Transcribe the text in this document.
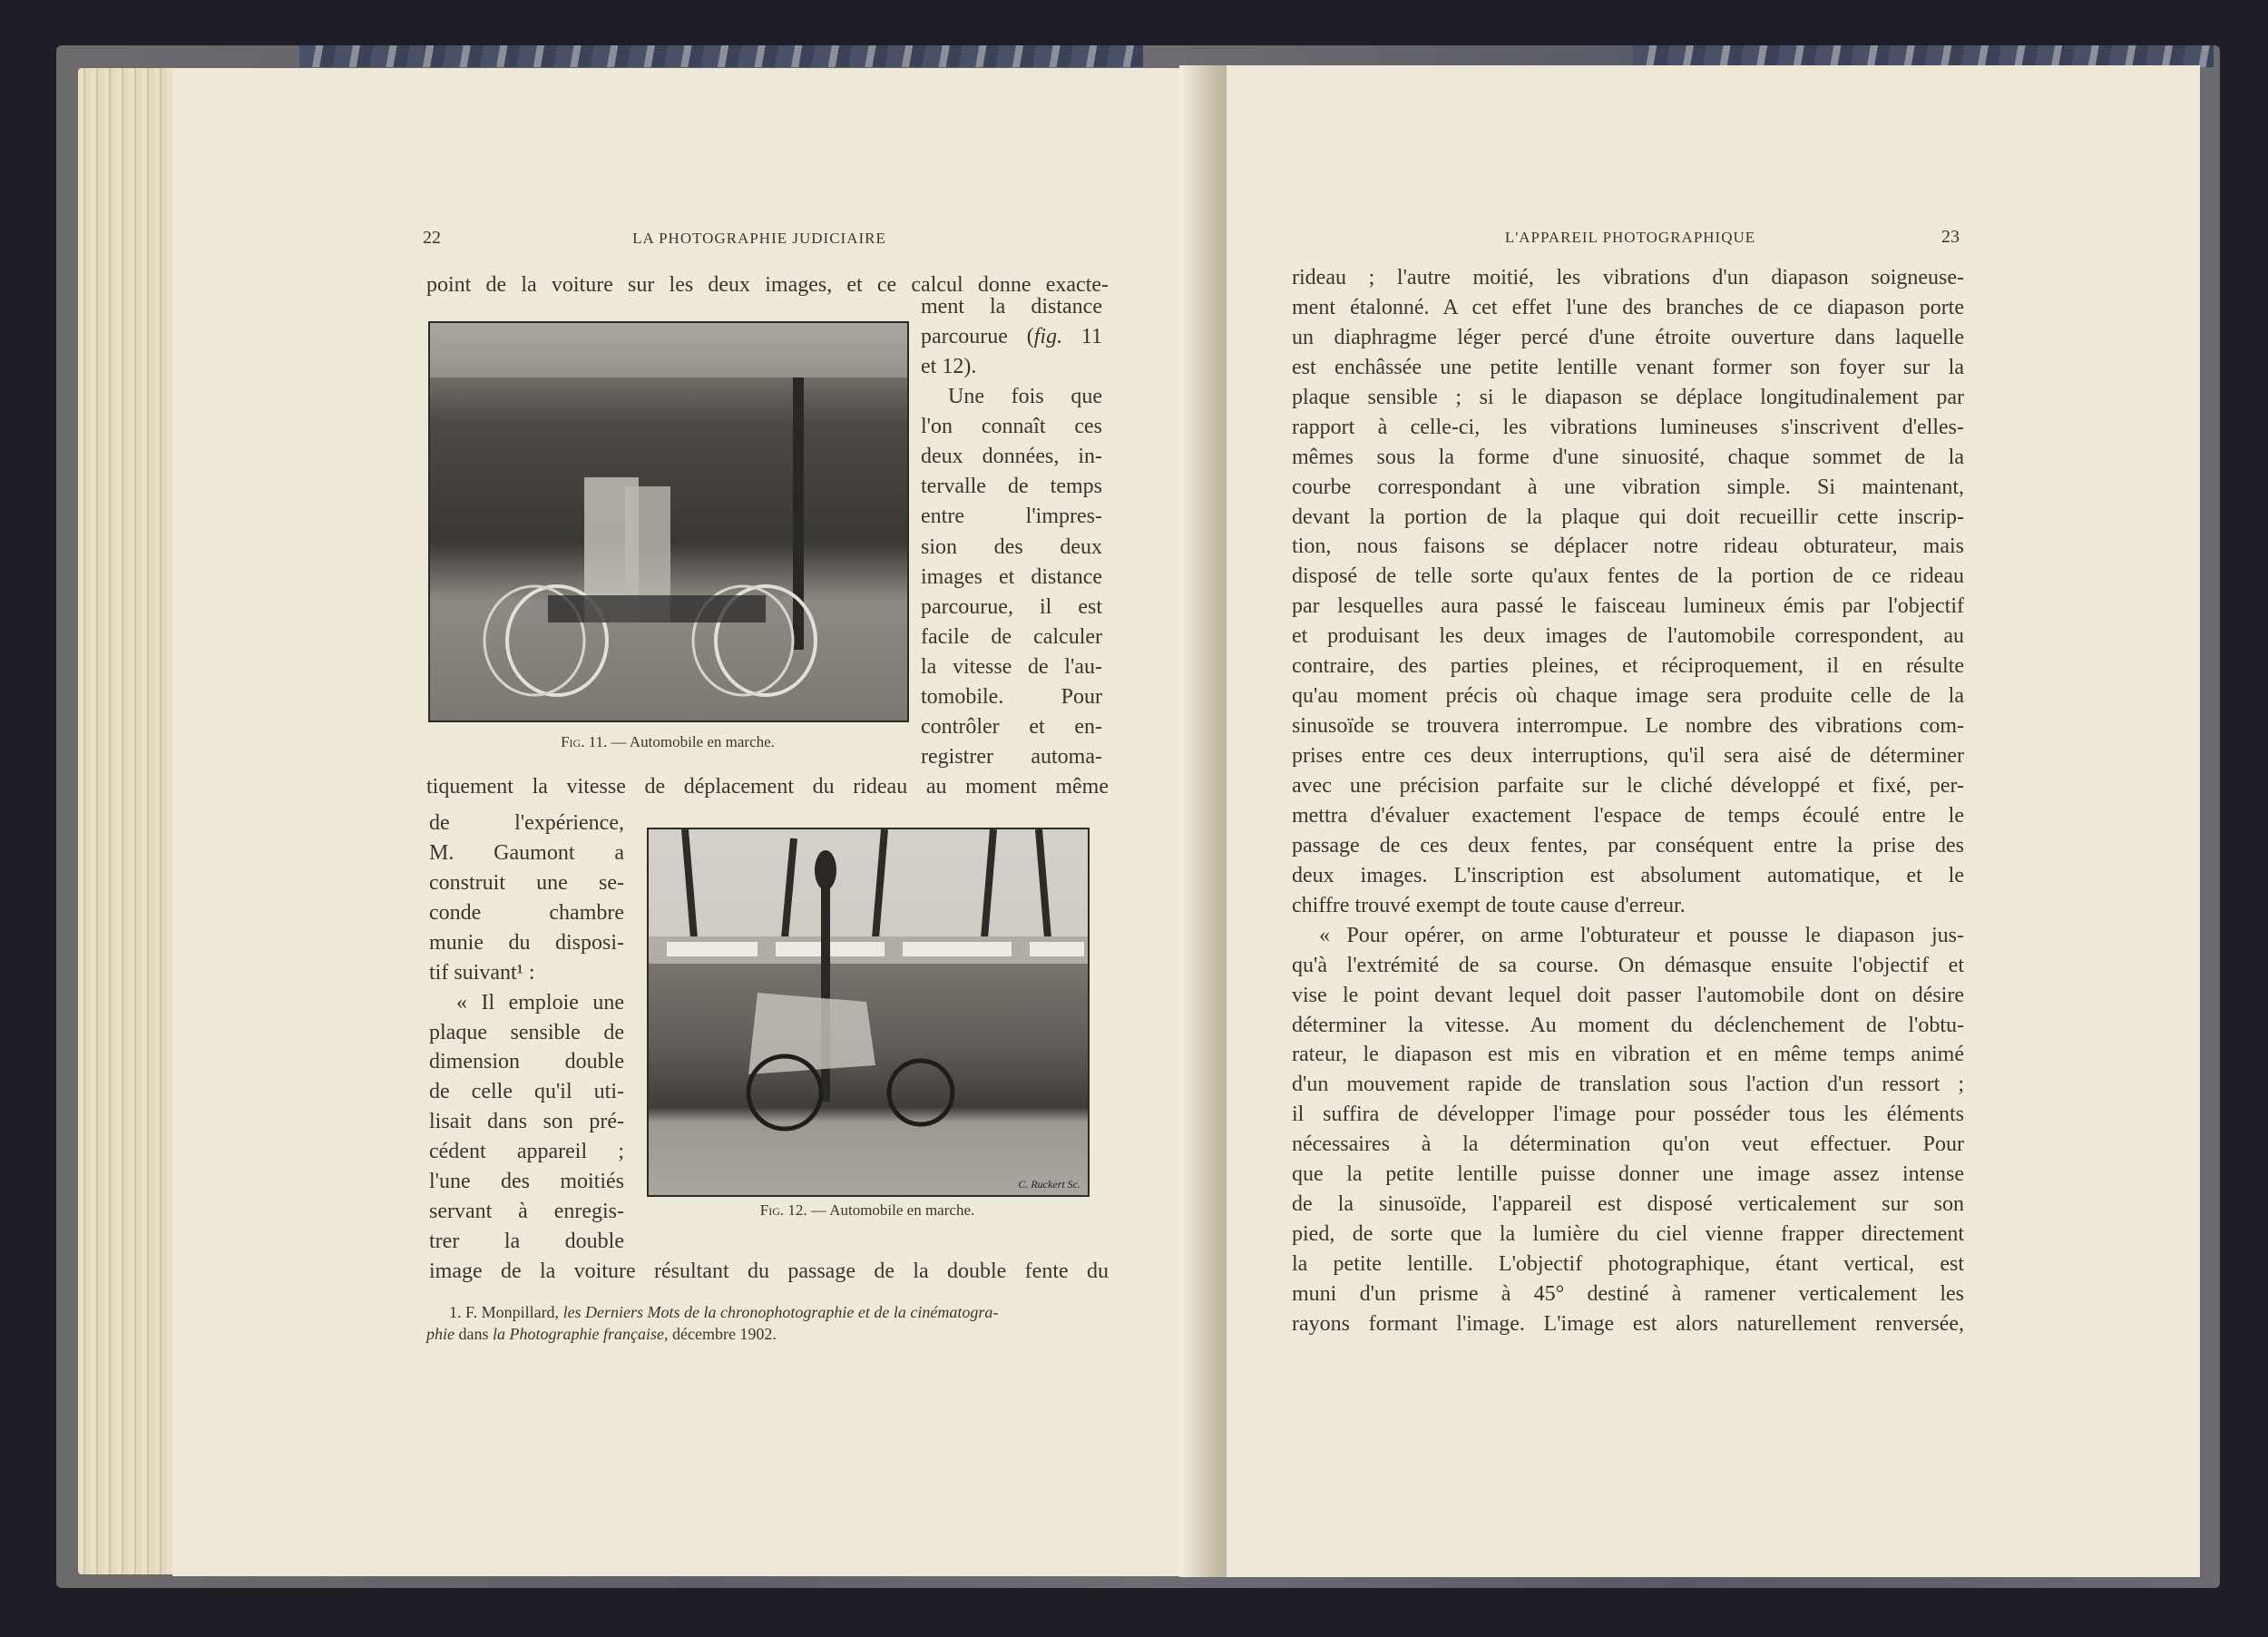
22	LA PHOTOGRAPHIE JUDICIAIRE
Fig. 11. — Automobile en marche.
C. Ruckert Sc.
Fig. 12. — Automobile en marche.
point de la voiture sur les deux images, et ce calcul donne exacte-
ment la distance
parcourue (fig. 11
et 12).
Une fois que
l'on connaît ces
deux données, in-
tervalle de temps
entre l'impres-
sion des deux
images et distance
parcourue, il est
facile de calculer
la vitesse de l'au-
tomobile. Pour
contrôler et en-
registrer automa-
tiquement la vitesse de déplacement du rideau au moment même
de l'expérience,
M. Gaumont a
construit une se-
conde chambre
munie du disposi-
tif suivant¹ :
« Il emploie une
plaque sensible de
dimension double
de celle qu'il uti-
lisait dans son pré-
cédent appareil ;
l'une des moitiés
servant à enregis-
trer la double
image de la voiture résultant du passage de la double fente du
rideau ; l'autre moitié, les vibrations d'un diapason soigneuse-
ment étalonné. A cet effet l'une des branches de ce diapason porte
un diaphragme léger percé d'une étroite ouverture dans laquelle
est enchâssée une petite lentille venant former son foyer sur la
plaque sensible ; si le diapason se déplace longitudinalement par
rapport à celle-ci, les vibrations lumineuses s'inscrivent d'elles-
mêmes sous la forme d'une sinuosité, chaque sommet de la
courbe correspondant à une vibration simple. Si maintenant,
devant la portion de la plaque qui doit recueillir cette inscrip-
tion, nous faisons se déplacer notre rideau obturateur, mais
disposé de telle sorte qu'aux fentes de la portion de ce rideau
par lesquelles aura passé le faisceau lumineux émis par l'objectif
et produisant les deux images de l'automobile correspondent, au
contraire, des parties pleines, et réciproquement, il en résulte
qu'au moment précis où chaque image sera produite celle de la
sinusoïde se trouvera interrompue. Le nombre des vibrations com-
prises entre ces deux interruptions, qu'il sera aisé de déterminer
avec une précision parfaite sur le cliché développé et fixé, per-
mettra d'évaluer exactement l'espace de temps écoulé entre le
passage de ces deux fentes, par conséquent entre la prise des
deux images. L'inscription est absolument automatique, et le
chiffre trouvé exempt de toute cause d'erreur.
« Pour opérer, on arme l'obturateur et pousse le diapason jus-
qu'à l'extrémité de sa course. On démasque ensuite l'objectif et
vise le point devant lequel doit passer l'automobile dont on désire
déterminer la vitesse. Au moment du déclenchement de l'obtu-
rateur, le diapason est mis en vibration et en même temps animé
d'un mouvement rapide de translation sous l'action d'un ressort ;
il suffira de développer l'image pour posséder tous les éléments
nécessaires à la détermination qu'on veut effectuer. Pour
que la petite lentille puisse donner une image assez intense
de la sinusoïde, l'appareil est disposé verticalement sur son
pied, de sorte que la lumière du ciel vienne frapper directement
la petite lentille. L'objectif photographique, étant vertical, est
muni d'un prisme à 45° destiné à ramener verticalement les
rayons formant l'image. L'image est alors naturellement renversée,
1. F. Monpillard, les Derniers Mots de la chronophotographie et de la cinématogra-
phie dans la Photographie française, décembre 1902.
L'APPAREIL PHOTOGRAPHIQUE	23
